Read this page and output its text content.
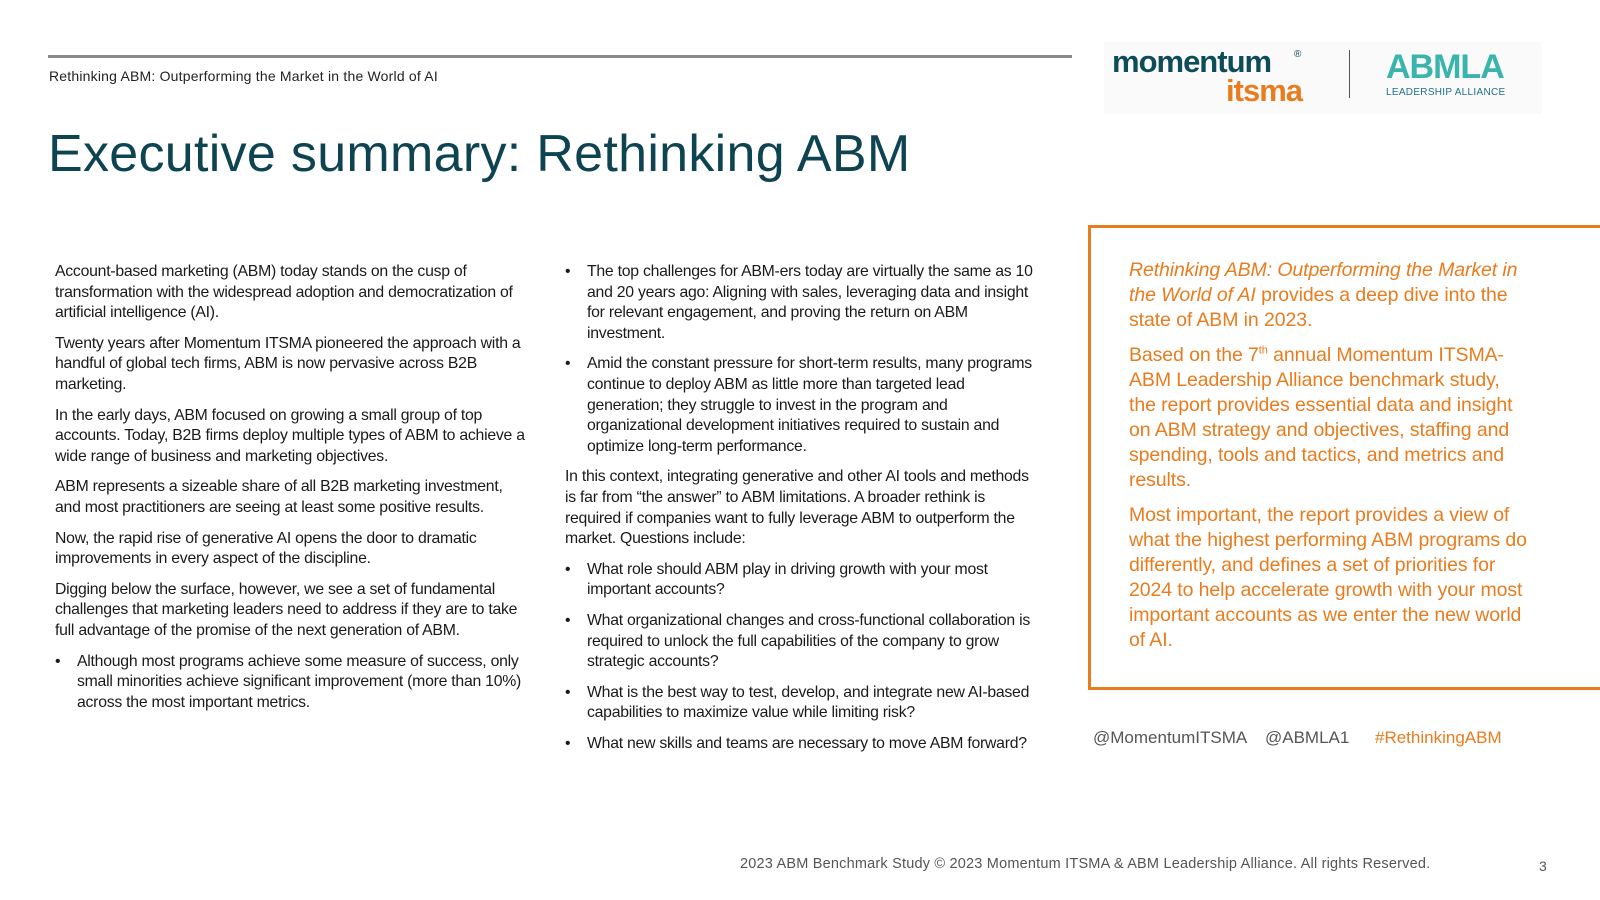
Rethinking ABM: Outperforming the Market in the World of AI	momentum
itsma
® ABMLA
LEADERSHIP ALLIANCE
Executive summary: Rethinking ABM

Account-based marketing (ABM) today stands on the cusp of transformation with the widespread adoption and democratization of artificial intelligence (AI).

Twenty years after Momentum ITSMA pioneered the approach with a handful of global tech firms, ABM is now pervasive across B2B marketing.

In the early days, ABM focused on growing a small group of top accounts. Today, B2B firms deploy multiple types of ABM to achieve a wide range of business and marketing objectives.

ABM represents a sizeable share of all B2B marketing investment, and most practitioners are seeing at least some positive results.

Now, the rapid rise of generative AI opens the door to dramatic improvements in every aspect of the discipline.

Digging below the surface, however, we see a set of fundamental challenges that marketing leaders need to address if they are to take full advantage of the promise of the next generation of ABM.

• Although most programs achieve some measure of success, only small minorities achieve significant improvement (more than 10%) across the most important metrics.
• The top challenges for ABM-ers today are virtually the same as 10 and 20 years ago: Aligning with sales, leveraging data and insight for relevant engagement, and proving the return on ABM investment.
• Amid the constant pressure for short-term results, many programs continue to deploy ABM as little more than targeted lead generation; they struggle to invest in the program and organizational development initiatives required to sustain and optimize long-term performance.

In this context, integrating generative and other AI tools and methods is far from “the answer” to ABM limitations. A broader rethink is required if companies want to fully leverage ABM to outperform the market. Questions include:

• What role should ABM play in driving growth with your most important accounts?
• What organizational changes and cross-functional collaboration is required to unlock the full capabilities of the company to grow strategic accounts?
• What is the best way to test, develop, and integrate new AI-based capabilities to maximize value while limiting risk?
• What new skills and teams are necessary to move ABM forward?

Rethinking ABM: Outperforming the Market in the World of AI provides a deep dive into the state of ABM in 2023.

Based on the 7th annual Momentum ITSMA-ABM Leadership Alliance benchmark study, the report provides essential data and insight on ABM strategy and objectives, staffing and spending, tools and tactics, and metrics and results.

Most important, the report provides a view of what the highest performing ABM programs do differently, and defines a set of priorities for 2024 to help accelerate growth with your most important accounts as we enter the new world of AI.

@MomentumITSMA @ABMLA1 #RethinkingABM
2023 ABM Benchmark Study © 2023 Momentum ITSMA & ABM Leadership Alliance. All rights Reserved.	3
